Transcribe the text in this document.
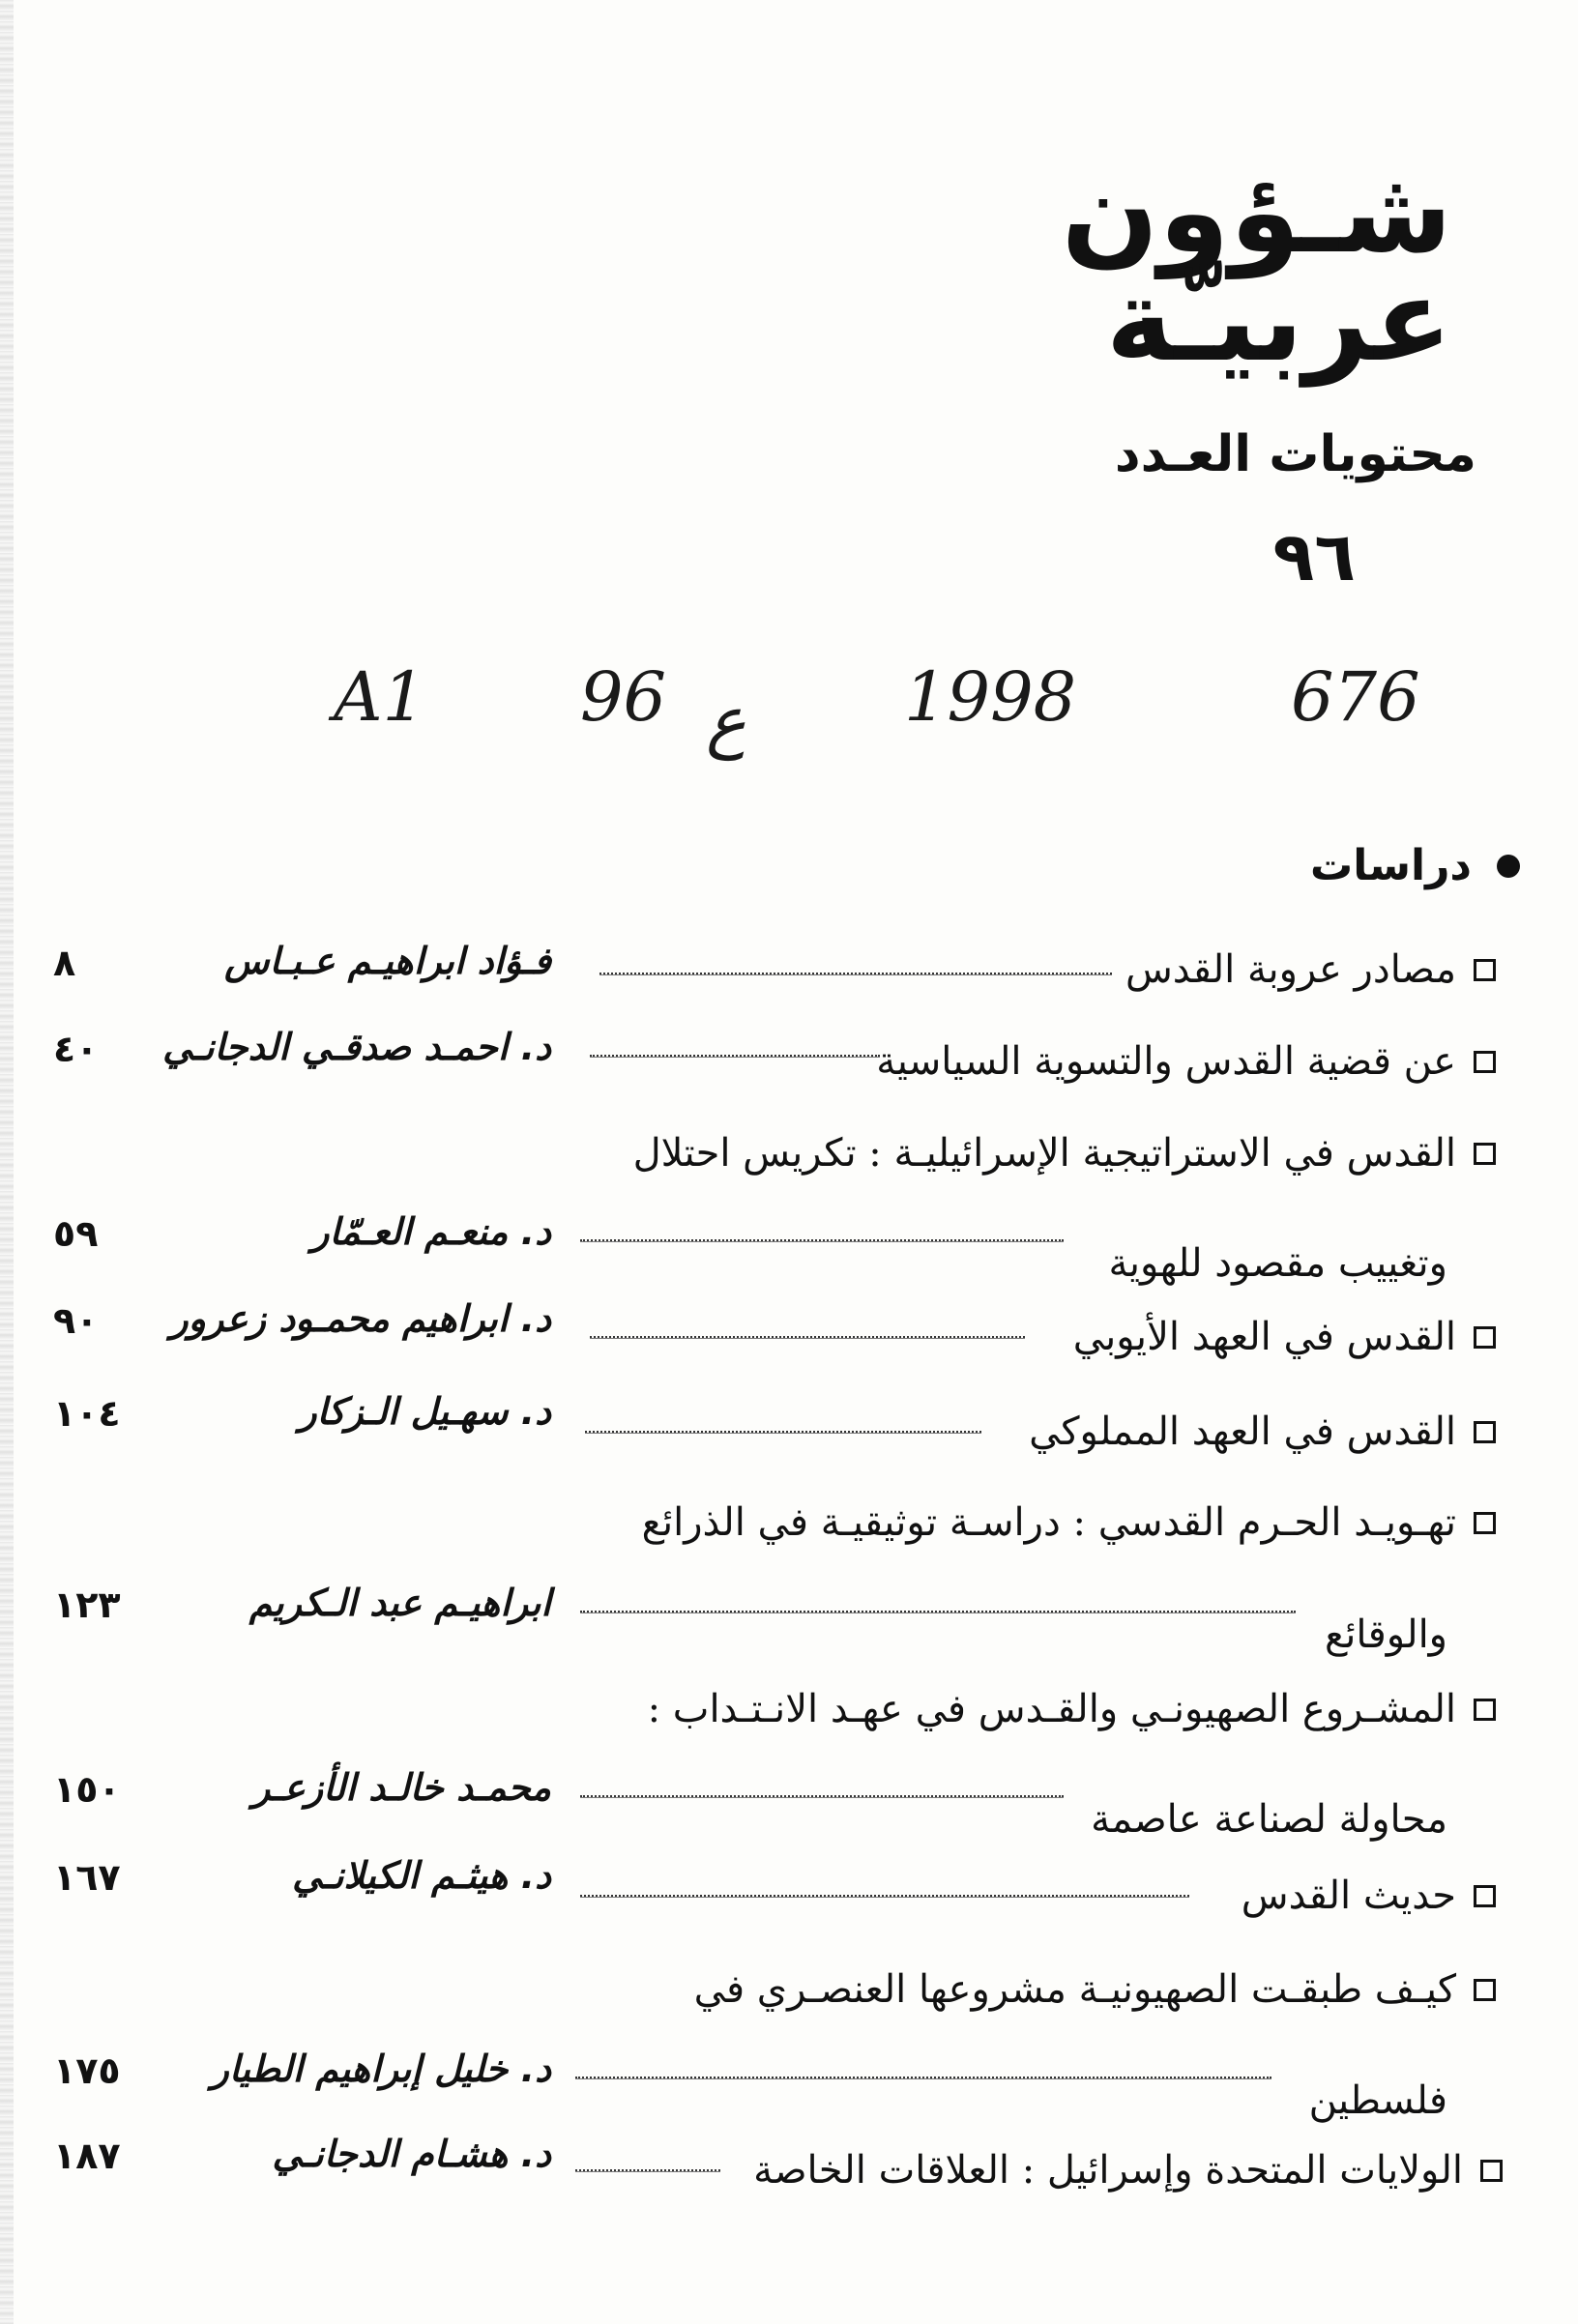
شـؤون
عربيـّة
محتويات العـدد
٩٦
A1 96 ع 1998	676
دراسات
مصادر عروبة القدس
فـؤاد ابراهيـم عـبـاس
٨
عن قضية القدس والتسوية السياسية
د. احمـد صدقـي الدجانـي
٤٠
القدس في الاستراتيجية الإسرائيليـة : تكريس احتلال
وتغييب مقصود للهوية
د. منعـم العـمّار
٥٩
القدس في العهد الأيوبي
د. ابراهيم محمـود زعرور
٩٠
القدس في العهد المملوكي
د. سهـيل الـزكار
١٠٤
تهـويـد الحـرم القدسي : دراسـة توثيقيـة في الذرائع
والوقائع
ابراهيـم عبد الـكريم
١٢٣
المشـروع الصهيونـي والقـدس في عهـد الانـتـداب :
محاولة لصناعة عاصمة
محمـد خالـد الأزعـر
١٥٠
حديث القدس
د. هيثـم الكيلانـي
١٦٧
كيـف طبقـت الصهيونيـة مشروعها العنصـري في
فلسطين
د. خليل إبراهيم الطيار
١٧٥
الولايات المتحدة وإسرائيل : العلاقات الخاصة
د. هشـام الدجانـي
١٨٧
